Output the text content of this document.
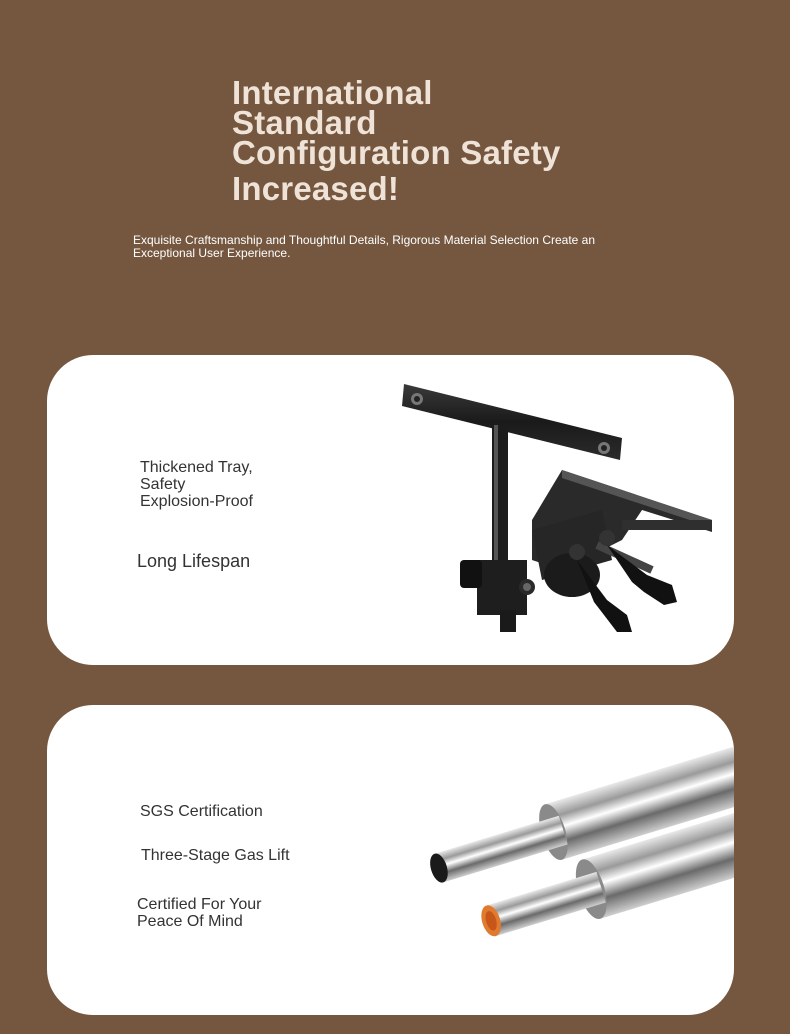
International
Standard
Configuration Safety
Increased!

Exquisite Craftsmanship and Thoughtful Details, Rigorous Material Selection Create an Exceptional User Experience.

Thickened Tray,
Safety
Explosion-Proof

Long Lifespan

SGS Certification

Three-Stage Gas Lift

Certified For Your
Peace Of Mind
